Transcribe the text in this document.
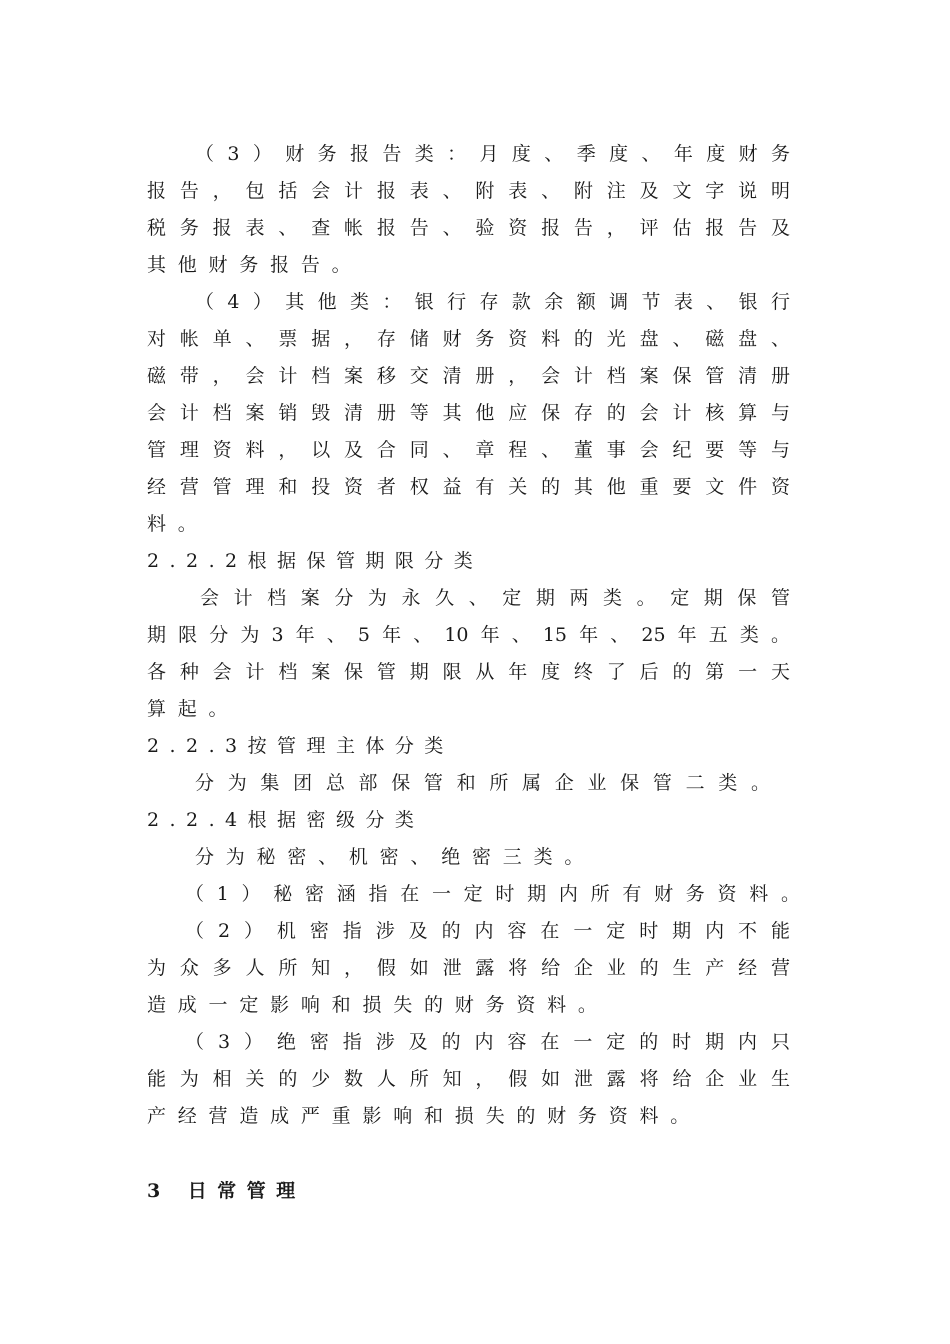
（3）财务报告类：月度、季度、年度财务

报告，包括会计报表、附表、附注及文字说明

税务报表、查帐报告、验资报告，评估报告及

其他财务报告。

（4）其他类：银行存款余额调节表、银行

对帐单、票据，存储财务资料的光盘、磁盘、

磁带，会计档案移交清册，会计档案保管清册

会计档案销毁清册等其他应保存的会计核算与

管理资料，以及合同、章程、董事会纪要等与

经营管理和投资者权益有关的其他重要文件资

料。

2.2.2根据保管期限分类

会计档案分为永久、定期两类。定期保管

期限分为3年、5年、10年、15年、25年五类。

各种会计档案保管期限从年度终了后的第一天

算起。

2.2.3按管理主体分类

分为集团总部保管和所属企业保管二类。

2.2.4根据密级分类

分为秘密、机密、绝密三类。

（1）秘密涵指在一定时期内所有财务资料。

（2）机密指涉及的内容在一定时期内不能

为众多人所知，假如泄露将给企业的生产经营

造成一定影响和损失的财务资料。

（3）绝密指涉及的内容在一定的时期内只

能为相关的少数人所知，假如泄露将给企业生

产经营造成严重影响和损失的财务资料。

3 日常管理
